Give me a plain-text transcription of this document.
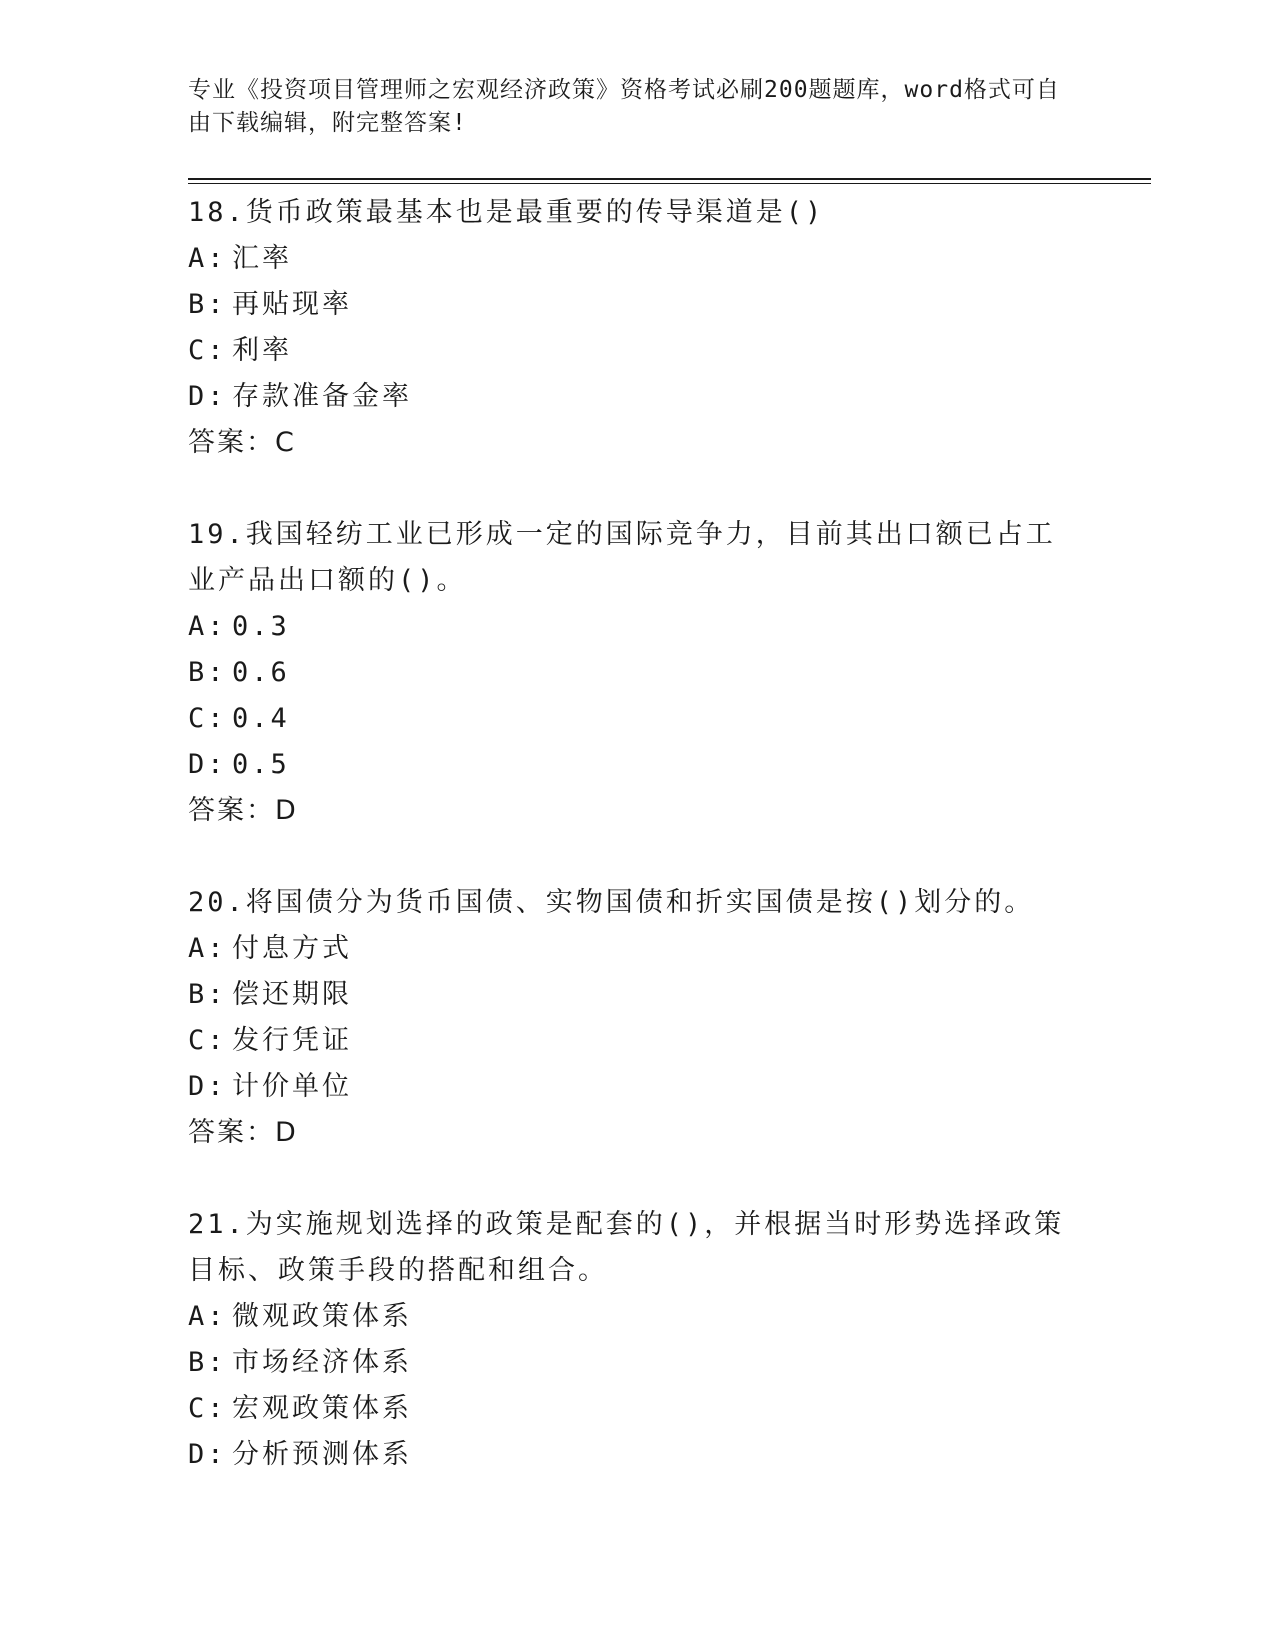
专业《投资项目管理师之宏观经济政策》资格考试必刷200题题库，word格式可自由下载编辑，附完整答案!
18.货币政策最基本也是最重要的传导渠道是()
A: 汇率
B: 再贴现率
C: 利率
D: 存款准备金率
答案：C
19.我国轻纺工业已形成一定的国际竞争力，目前其出口额已占工业产品出口额的()。
A: 0.3
B: 0.6
C: 0.4
D: 0.5
答案：D
20.将国债分为货币国债、实物国债和折实国债是按()划分的。
A: 付息方式
B: 偿还期限
C: 发行凭证
D: 计价单位
答案：D
21.为实施规划选择的政策是配套的()，并根据当时形势选择政策目标、政策手段的搭配和组合。
A: 微观政策体系
B: 市场经济体系
C: 宏观政策体系
D: 分析预测体系
